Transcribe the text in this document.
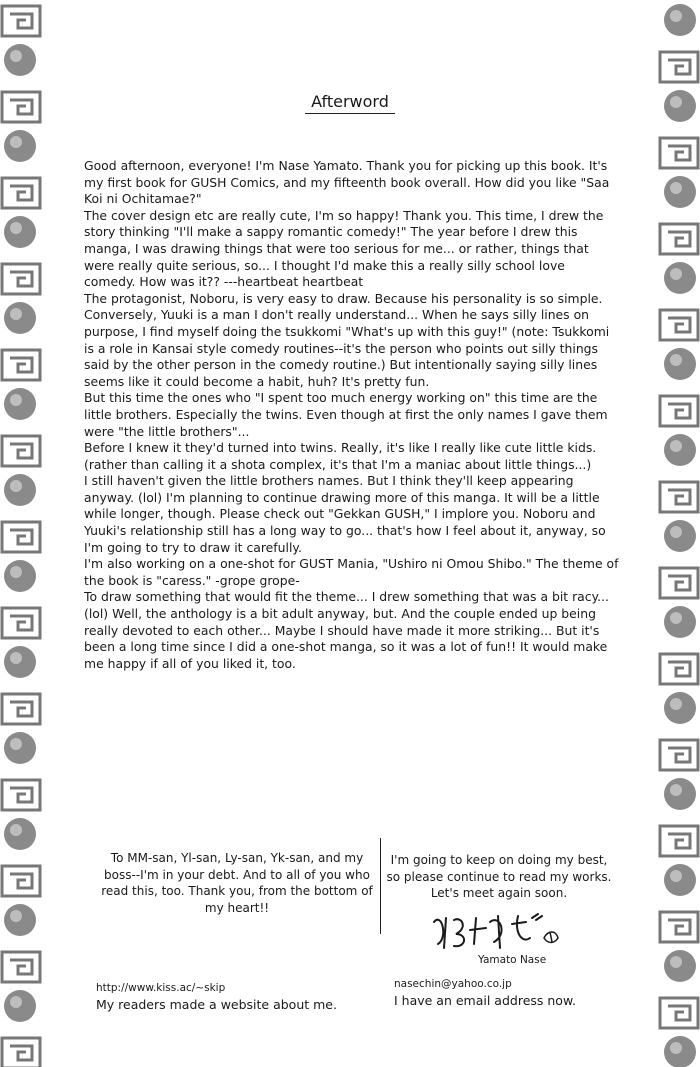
Afterword

Good afternoon, everyone! I'm Nase Yamato. Thank you for picking up this book. It's my first book for GUSH Comics, and my fifteenth book overall. How did you like "Saa Koi ni Ochitamae?"

The cover design etc are really cute, I'm so happy! Thank you. This time, I drew the story thinking "I'll make a sappy romantic comedy!" The year before I drew this manga, I was drawing things that were too serious for me... or rather, things that were really quite serious, so... I thought I'd make this a really silly school love comedy. How was it?? ---heartbeat heartbeat

The protagonist, Noboru, is very easy to draw. Because his personality is so simple.

Conversely, Yuuki is a man I don't really understand... When he says silly lines on purpose, I find myself doing the tsukkomi "What's up with this guy!" (note: Tsukkomi is a role in Kansai style comedy routines--it's the person who points out silly things said by the other person in the comedy routine.) But intentionally saying silly lines seems like it could become a habit, huh? It's pretty fun.

But this time the ones who "I spent too much energy working on" this time are the little brothers. Especially the twins. Even though at first the only names I gave them were "the little brothers"...

Before I knew it they'd turned into twins. Really, it's like I really like cute little kids. (rather than calling it a shota complex, it's that I'm a maniac about little things...)

I still haven't given the little brothers names. But I think they'll keep appearing anyway. (lol) I'm planning to continue drawing more of this manga. It will be a little while longer, though. Please check out "Gekkan GUSH," I implore you. Noboru and Yuuki's relationship still has a long way to go... that's how I feel about it, anyway, so I'm going to try to draw it carefully.

I'm also working on a one-shot for GUST Mania, "Ushiro ni Omou Shibo." The theme of the book is "caress." -grope grope-

To draw something that would fit the theme... I drew something that was a bit racy... (lol) Well, the anthology is a bit adult anyway, but. And the couple ended up being really devoted to each other... Maybe I should have made it more striking... But it's been a long time since I did a one-shot manga, so it was a lot of fun!! It would make me happy if all of you liked it, too.

To MM-san, Yl-san, Ly-san, Yk-san, and my boss--I'm in your debt. And to all of you who read this, too. Thank you, from the bottom of my heart!!
I'm going to keep on doing my best, so please continue to read my works. Let's meet again soon.
Yamato Nase
http://www.kiss.ac/~skip
My readers made a website about me.
nasechin@yahoo.co.jp
I have an email address now.
